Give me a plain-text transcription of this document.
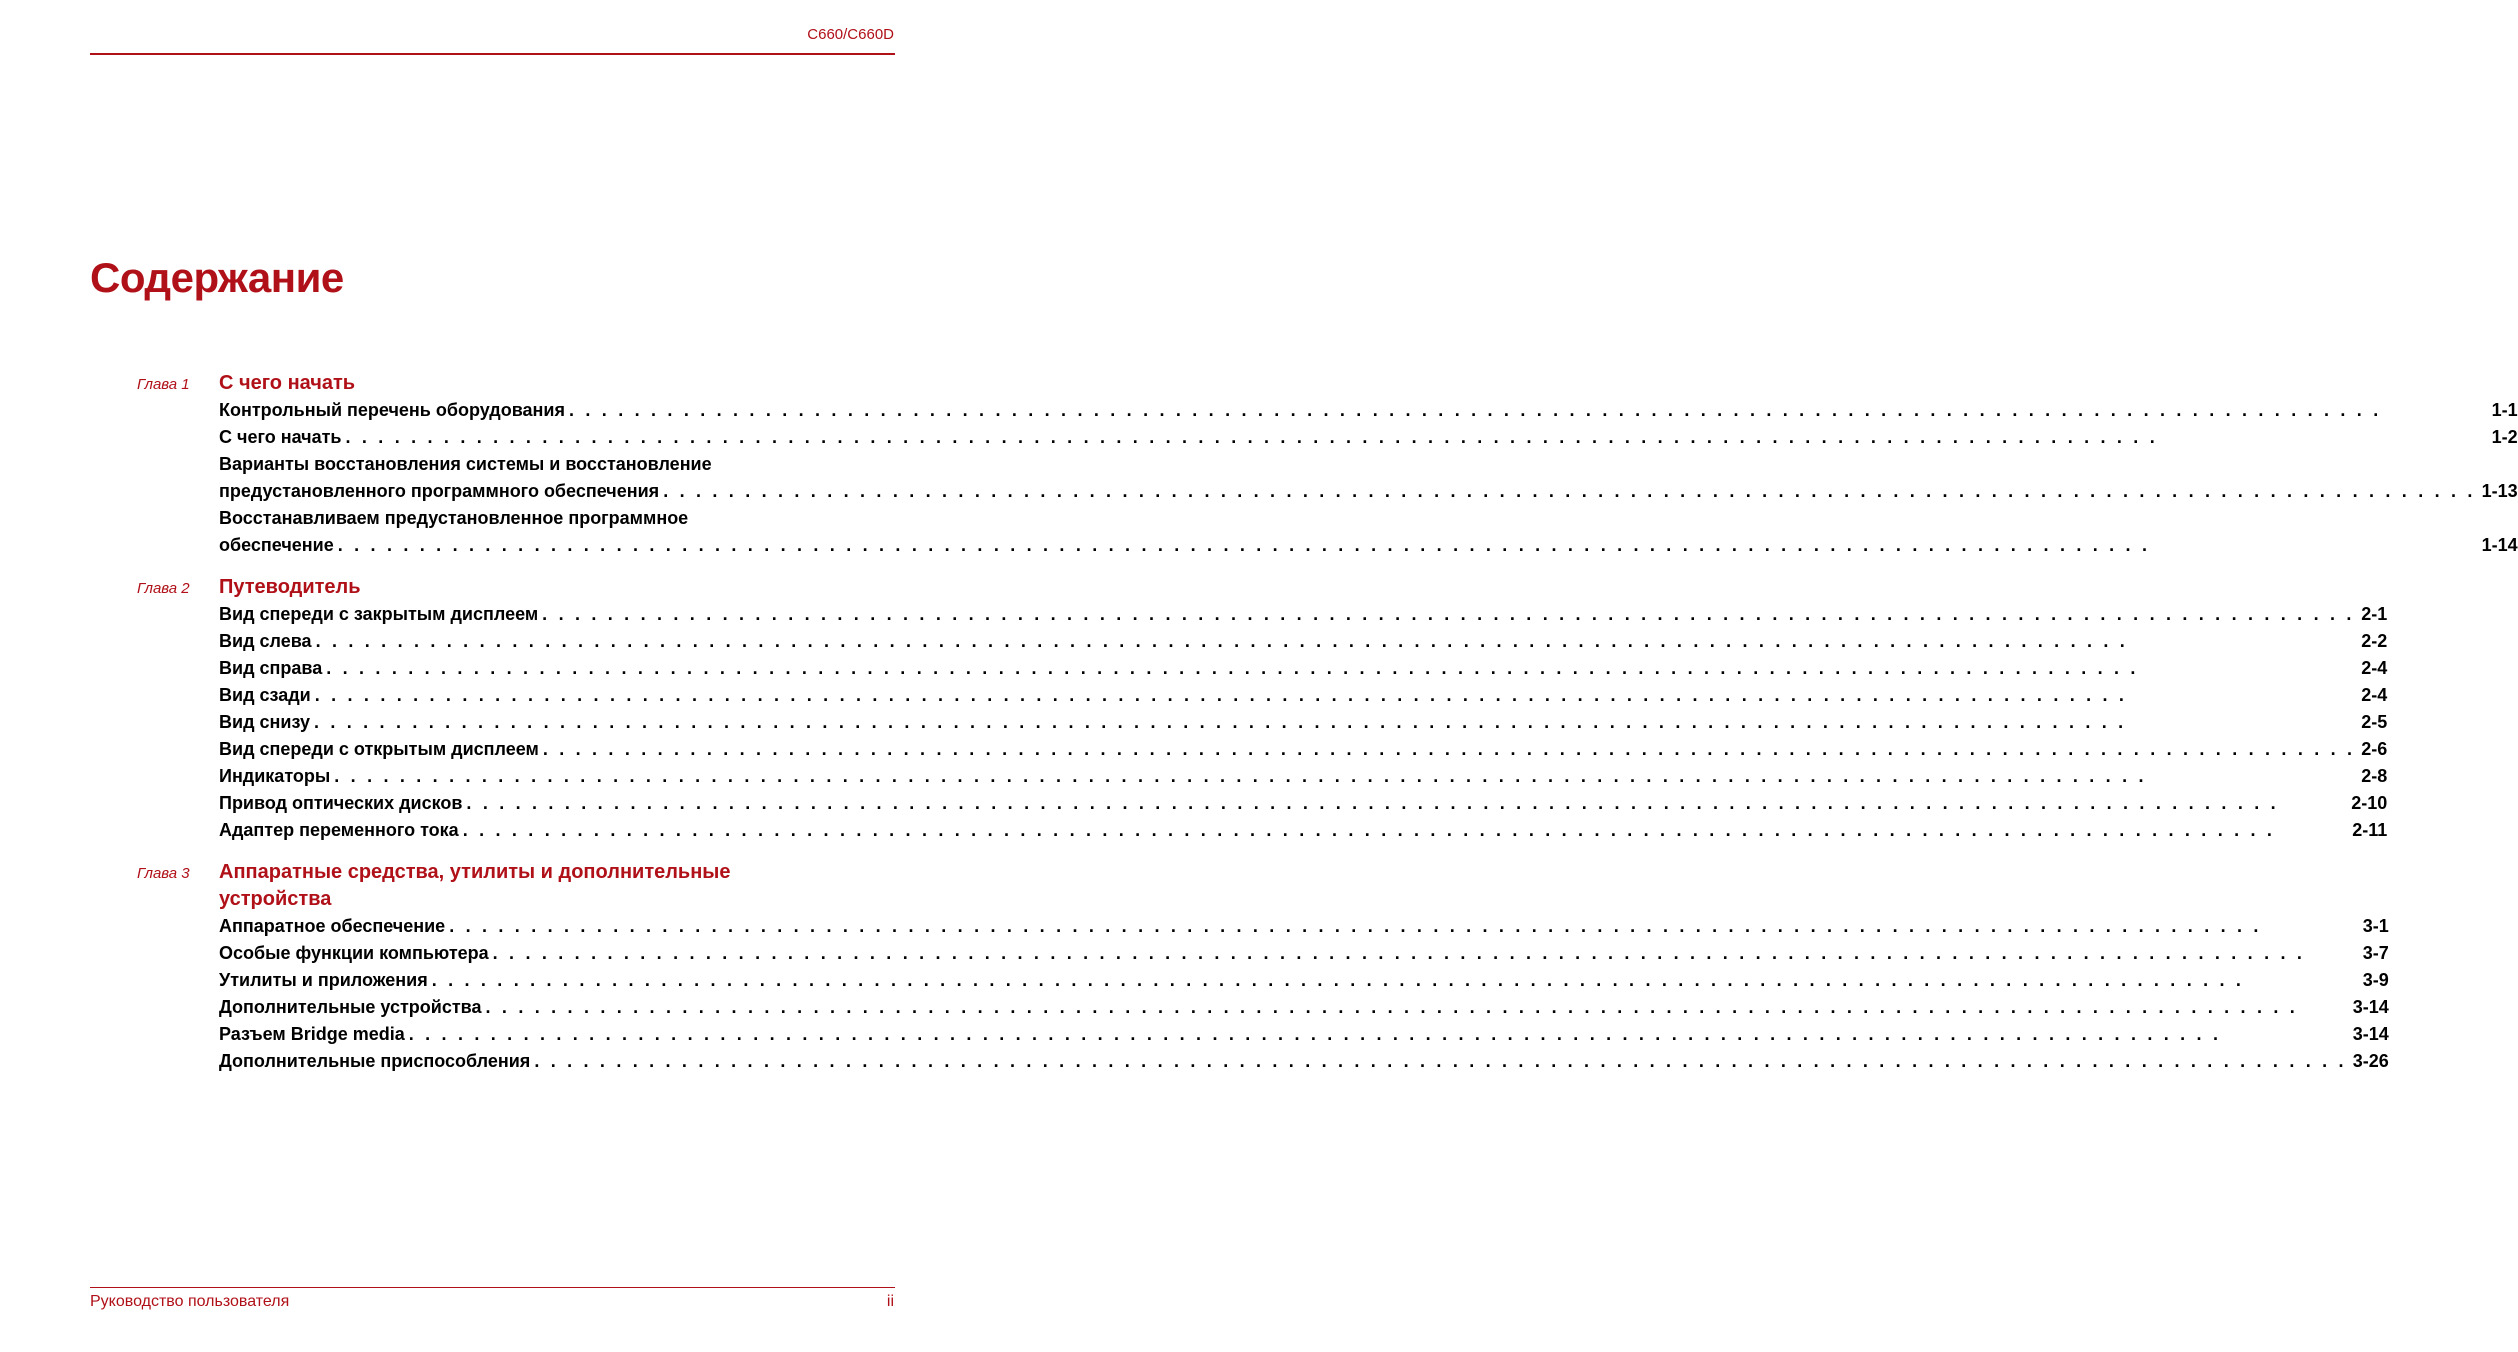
C660/C660D
Содержание
Глава 1	С чего начать
Контрольный перечень оборудования . . .	1-1
С чего начать . . .	1-2
Варианты восстановления системы и восстановление
предустановленного программного обеспечения . . .	1-13
Восстанавливаем предустановленное программное
обеспечение . . .	1-14
Глава 2	Путеводитель
Вид спереди с закрытым дисплеем . . .	2-1
Вид слева . . .	2-2
Вид справа . . .	2-4
Вид сзади . . .	2-4
Вид снизу . . .	2-5
Вид спереди с открытым дисплеем . . .	2-6
Индикаторы . . .	2-8
Привод оптических дисков . . .	2-10
Адаптер переменного тока . . .	2-11
Глава 3	Аппаратные средства, утилиты и дополнительные
устройства
Аппаратное обеспечение . . .	3-1
Особые функции компьютера . . .	3-7
Утилиты и приложения . . .	3-9
Дополнительные устройства . . .	3-14
Разъем Bridge media . . .	3-14
Дополнительные приспособления . . .	3-26
Руководство пользователя	ii
